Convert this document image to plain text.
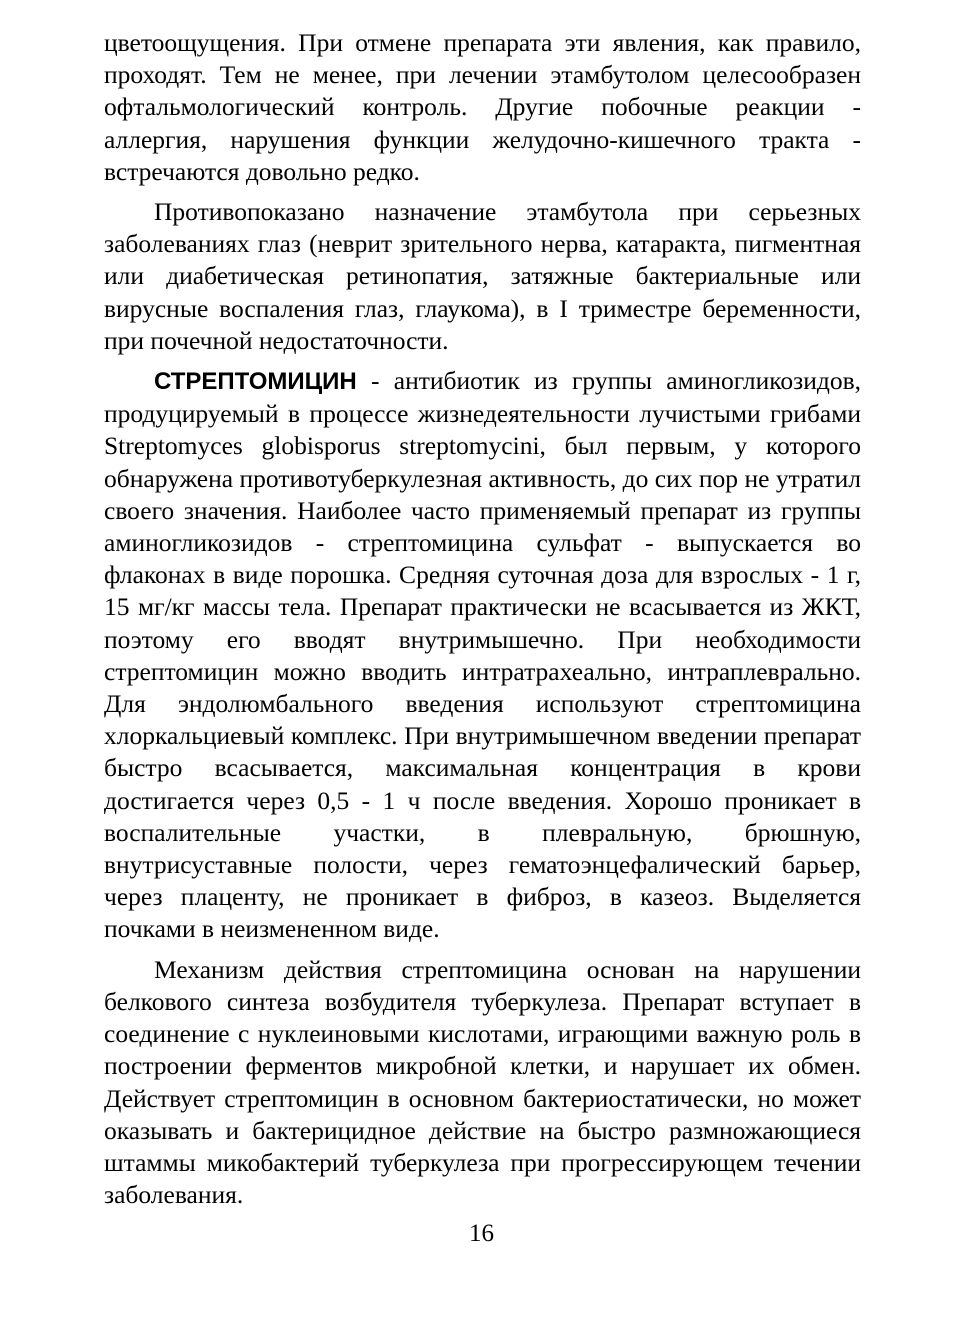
цветоощущения. При отмене препарата эти явления, как правило, проходят. Тем не менее, при лечении этамбутолом целесообразен офтальмологический контроль. Другие побочные реакции - аллергия, нарушения функции желудочно-кишечного тракта - встречаются довольно редко.

Противопоказано назначение этамбутола при серьезных заболеваниях глаз (неврит зрительного нерва, катаракта, пигментная или диабетическая ретинопатия, затяжные бактериальные или вирусные воспаления глаз, глаукома), в I триместре беременности, при почечной недостаточности.

СТРЕПТОМИЦИН - антибиотик из группы аминогликозидов, продуцируемый в процессе жизнедеятельности лучистыми грибами Streptomyces globisporus streptomycini, был первым, у которого обнаружена противотуберкулезная активность, до сих пор не утратил своего значения. Наиболее часто применяемый препарат из группы аминогликозидов - стрептомицина сульфат - выпускается во флаконах в виде порошка. Средняя суточная доза для взрослых - 1 г, 15 мг/кг массы тела. Препарат практически не всасывается из ЖКТ, поэтому его вводят внутримышечно. При необходимости стрептомицин можно вводить интратрахеально, интраплеврально. Для эндолюмбального введения используют стрептомицина хлоркальциевый комплекс. При внутримышечном введении препарат быстро всасывается, максимальная концентрация в крови достигается через 0,5 - 1 ч после введения. Хорошо проникает в воспалительные участки, в плевральную, брюшную, внутрисуставные полости, через гематоэнцефалический барьер, через плаценту, не проникает в фиброз, в казеоз. Выделяется почками в неизмененном виде.

Механизм действия стрептомицина основан на нарушении белкового синтеза возбудителя туберкулеза. Препарат вступает в соединение с нуклеиновыми кислотами, играющими важную роль в построении ферментов микробной клетки, и нарушает их обмен. Действует стрептомицин в основном бактериостатически, но может оказывать и бактерицидное действие на быстро размножающиеся штаммы микобактерий туберкулеза при прогрессирующем течении заболевания.

16
